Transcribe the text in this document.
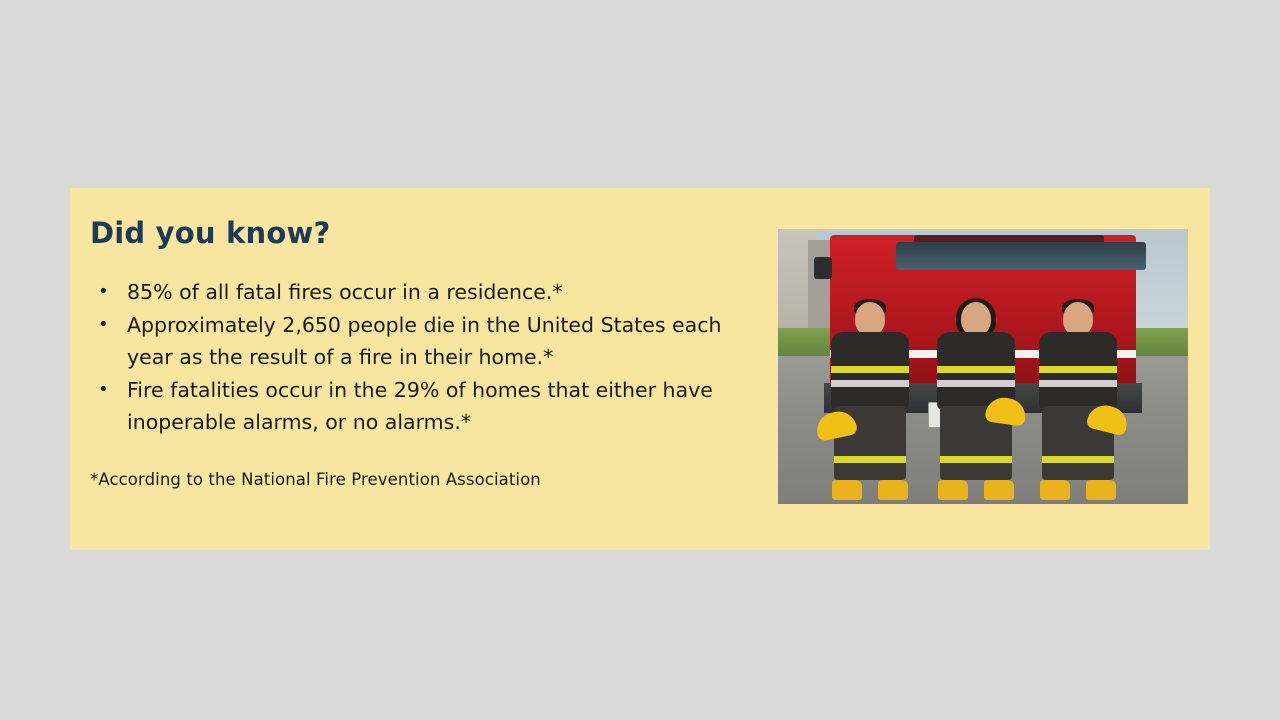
Did you know?
• 85% of all fatal fires occur in a residence.*
• Approximately 2,650 people die in the United States each year as the result of a fire in their home.*
• Fire fatalities occur in the 29% of homes that either have inoperable alarms, or no alarms.*
*According to the National Fire Prevention Association
